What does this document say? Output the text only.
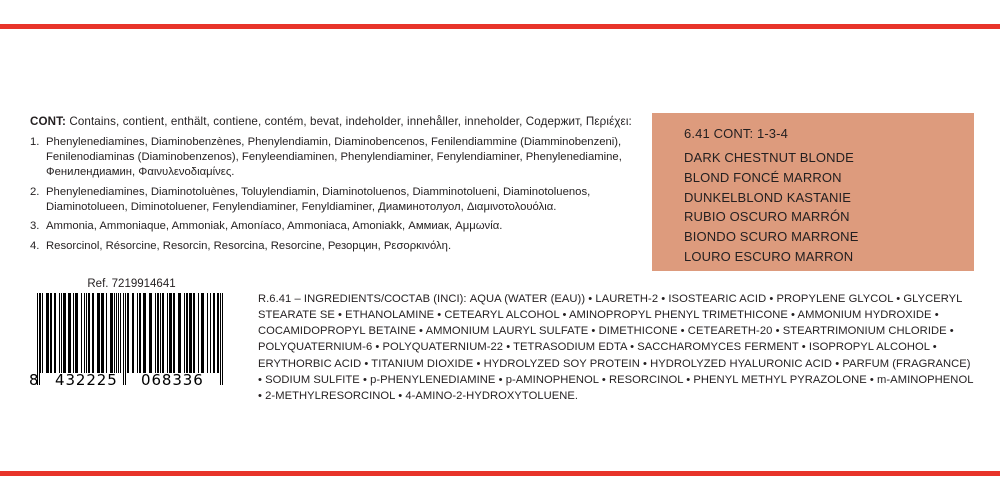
CONT: Contains, contient, enthält, contiene, contém, bevat, indeholder, innehåller, inneholder, Содержит, Περιέχει:
1. Phenylenediamines, Diaminobenzènes, Phenylendiamin, Diaminobencenos, Fenilendiammine (Diamminobenzeni), Fenilenodiaminas (Diaminobenzenos), Fenyleendiaminen, Phenylendiaminer, Fenylendiaminer, Phenylenediamine, Фенилендиамин, Φαινυλενοδιαμίνες.
2. Phenylenediamines, Diaminotoluènes, Toluylendiamin, Diaminotoluenos, Diamminotolueni, Diaminotoluenos, Diaminotolueen, Diminotoluener, Fenylendiaminer, Fenyldiaminer, Диаминотолуол, Διαμινοτολουόλια.
3. Ammonia, Ammoniaque, Ammoniak, Amoníaco, Ammoniaca, Amoniakk, Аммиак, Αμμωνία.
4. Resorcinol, Résorcine, Resorcin, Resorcina, Resorcine, Резорцин, Ρεσορκινόλη.
Ref. 7219914641
8 432225 068336
6.41 CONT: 1-3-4
DARK CHESTNUT BLONDE
BLOND FONCÉ MARRON
DUNKELBLOND KASTANIE
RUBIO OSCURO MARRÓN
BIONDO SCURO MARRONE
LOURO ESCURO MARRON
R.6.41 – INGREDIENTS/СОСТАВ (INCI): AQUA (WATER (EAU)) • LAURETH-2 • ISOSTEARIC ACID • PROPYLENE GLYCOL • GLYCERYL STEARATE SE • ETHANOLAMINE • CETEARYL ALCOHOL • AMINOPROPYL PHENYL TRIMETHICONE • AMMONIUM HYDROXIDE • COCAMIDOPROPYL BETAINE • AMMONIUM LAURYL SULFATE • DIMETHICONE • CETEARETH-20 • STEARTRIMONIUM CHLORIDE • POLYQUATERNIUM-6 • POLYQUATERNIUM-22 • TETRASODIUM EDTA • SACCHAROMYCES FERMENT • ISOPROPYL ALCOHOL • ERYTHORBIC ACID • TITANIUM DIOXIDE • HYDROLYZED SOY PROTEIN • HYDROLYZED HYALURONIC ACID • PARFUM (FRAGRANCE) • SODIUM SULFITE • p-PHENYLENEDIAMINE • p-AMINOPHENOL • RESORCINOL • PHENYL METHYL PYRAZOLONE • m-AMINOPHENOL • 2-METHYLRESORCINOL • 4-AMINO-2-HYDROXYTOLUENE.
